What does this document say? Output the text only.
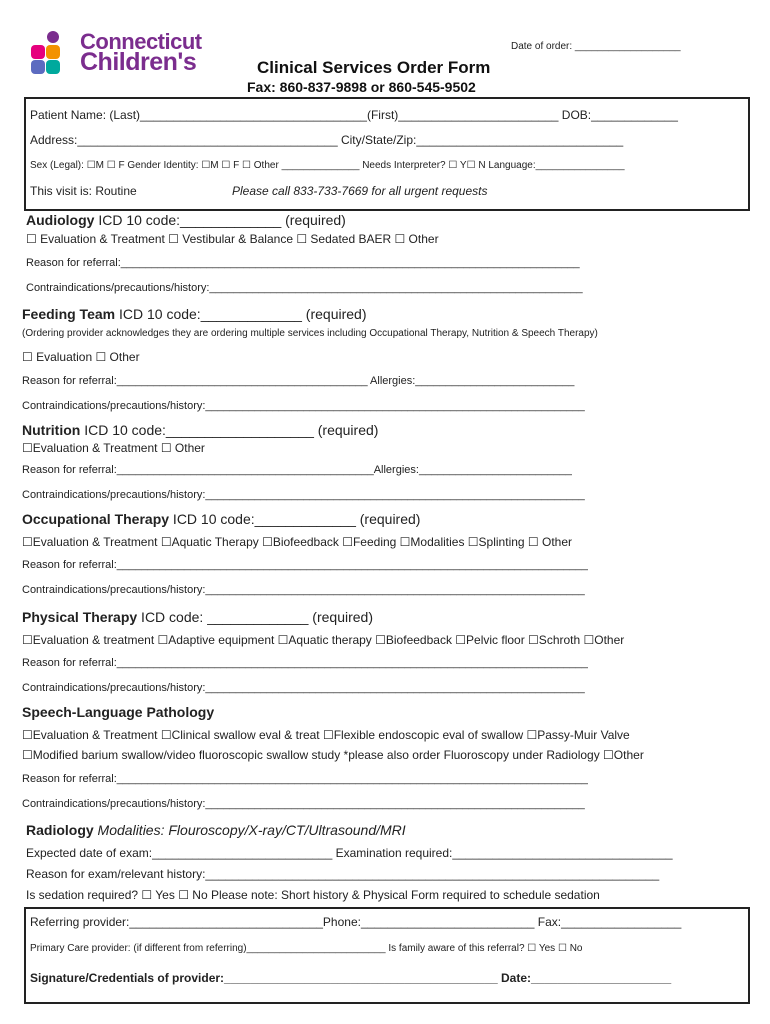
Connecticut
Children's
Date of order: ___________________
Clinical Services Order Form
Fax: 860-837-9898 or 860-545-9502
Patient Name: (Last)__________________________________(First)________________________ DOB:_____________
Address:_______________________________________ City/State/Zip:_______________________________
Sex (Legal): ☐M ☐ F Gender Identity: ☐M ☐ F ☐ Other ______________ Needs Interpreter? ☐ Y☐ N Language:________________
This visit is: Routine	Please call 833-733-7669 for all urgent requests
Audiology ICD 10 code:_____________ (required)
☐ Evaluation & Treatment ☐ Vestibular & Balance ☐ Sedated BAER ☐ Other
Reason for referral:___________________________________________________________________________
Contraindications/precautions/history:_____________________________________________________________
Feeding Team ICD 10 code:_____________ (required)
(Ordering provider acknowledges they are ordering multiple services including Occupational Therapy, Nutrition & Speech Therapy)
☐ Evaluation ☐ Other
Reason for referral:_________________________________________ Allergies:__________________________
Contraindications/precautions/history:______________________________________________________________
Nutrition ICD 10 code:___________________ (required)
☐Evaluation & Treatment ☐ Other
Reason for referral:__________________________________________Allergies:_________________________
Contraindications/precautions/history:______________________________________________________________
Occupational Therapy ICD 10 code:_____________ (required)
☐Evaluation & Treatment ☐Aquatic Therapy ☐Biofeedback ☐Feeding ☐Modalities ☐Splinting ☐ Other
Reason for referral:_____________________________________________________________________________
Contraindications/precautions/history:______________________________________________________________
Physical Therapy ICD code: _____________ (required)
☐Evaluation & treatment ☐Adaptive equipment ☐Aquatic therapy ☐Biofeedback ☐Pelvic floor ☐Schroth ☐Other
Reason for referral:_____________________________________________________________________________
Contraindications/precautions/history:______________________________________________________________
Speech-Language Pathology
☐Evaluation & Treatment ☐Clinical swallow eval & treat ☐Flexible endoscopic eval of swallow ☐Passy-Muir Valve
☐Modified barium swallow/video fluoroscopic swallow study *please also order Fluoroscopy under Radiology ☐Other
Reason for referral:_____________________________________________________________________________
Contraindications/precautions/history:______________________________________________________________
Radiology Modalities: Flouroscopy/X-ray/CT/Ultrasound/MRI
Expected date of exam:___________________________ Examination required:_________________________________
Reason for exam/relevant history:____________________________________________________________________
Is sedation required? ☐ Yes ☐ No Please note: Short history & Physical Form required to schedule sedation
Referring provider:_____________________________Phone:__________________________ Fax:__________________
Primary Care provider: (if different from referring)_________________________ Is family aware of this referral? ☐ Yes ☐ No
Signature/Credentials of provider:_________________________________________ Date:_____________________
